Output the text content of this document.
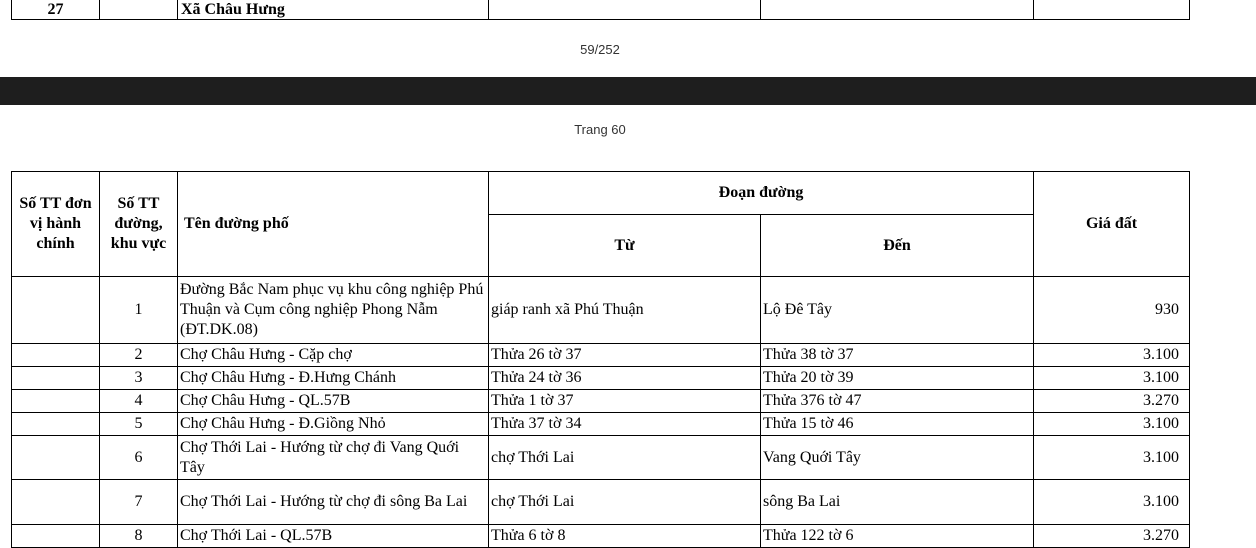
27		Xã Châu Hưng			
59/252
Trang 60
Số TT đơn vị hành chính	Số TT đường, khu vực	Tên đường phố	Đoạn đường		Giá đất
			Từ	Đến	
	1	Đường Bắc Nam phục vụ khu công nghiệp Phú Thuận và Cụm công nghiệp Phong Nẫm (ĐT.DK.08)	giáp ranh xã Phú Thuận	Lộ Đê Tây	930
	2	Chợ Châu Hưng - Cặp chợ	Thửa 26 tờ 37	Thửa 38 tờ 37	3.100
	3	Chợ Châu Hưng - Đ.Hưng Chánh	Thửa 24 tờ 36	Thửa 20 tờ 39	3.100
	4	Chợ Châu Hưng - QL.57B	Thửa 1 tờ 37	Thửa 376 tờ 47	3.270
	5	Chợ Châu Hưng - Đ.Giồng Nhỏ	Thửa 37 tờ 34	Thửa 15 tờ 46	3.100
	6	Chợ Thới Lai - Hướng từ chợ đi Vang Quới Tây	chợ Thới Lai	Vang Quới Tây	3.100
	7	Chợ Thới Lai - Hướng từ chợ đi sông Ba Lai	chợ Thới Lai	sông Ba Lai	3.100
	8	Chợ Thới Lai - QL.57B	Thửa 6 tờ 8	Thửa 122 tờ 6	3.270
